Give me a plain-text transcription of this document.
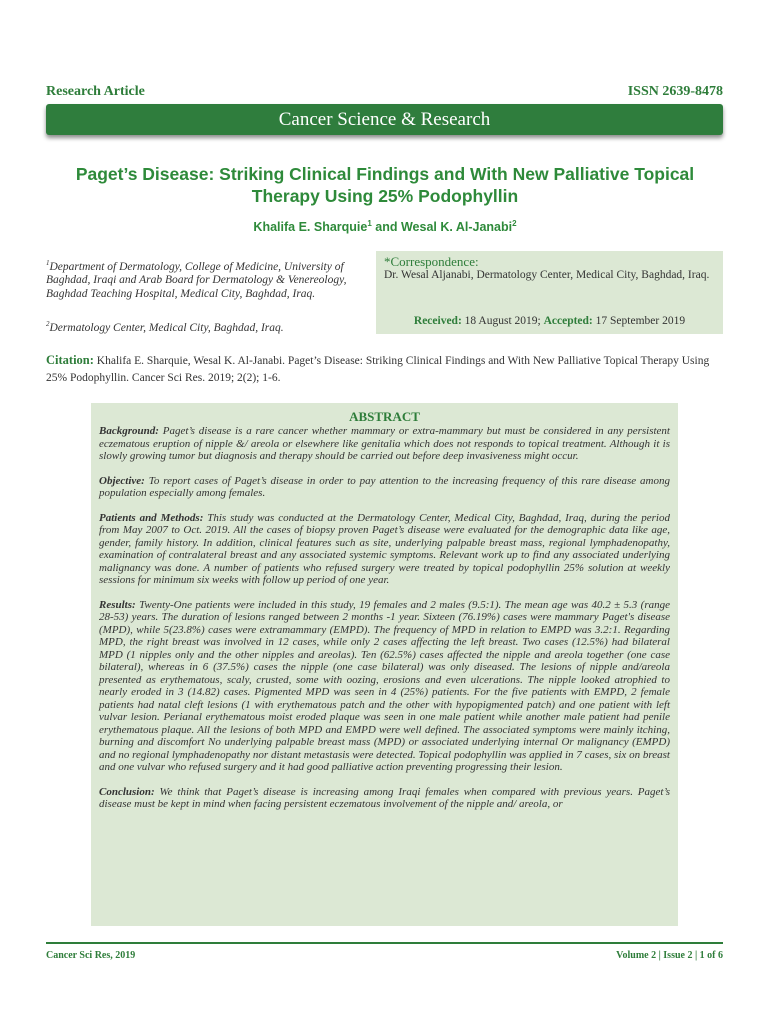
Research Article	ISSN 2639-8478
Cancer Science & Research
Paget’s Disease: Striking Clinical Findings and With New Palliative Topical Therapy Using 25% Podophyllin
Khalifa E. Sharquie$^1$ and Wesal K. Al-Janabi$^2$
$^1$Department of Dermatology, College of Medicine, University of Baghdad, Iraqi and Arab Board for Dermatology & Venereology, Baghdad Teaching Hospital, Medical City, Baghdad, Iraq.
$^2$Dermatology Center, Medical City, Baghdad, Iraq.
*Correspondence:
Dr. Wesal Aljanabi, Dermatology Center, Medical City, Baghdad, Iraq.
Received: 18 August 2019; Accepted: 17 September 2019
Citation: Khalifa E. Sharquie, Wesal K. Al-Janabi. Paget’s Disease: Striking Clinical Findings and With New Palliative Topical Therapy Using 25% Podophyllin. Cancer Sci Res. 2019; 2(2); 1-6.
ABSTRACT

Background: Paget’s disease is a rare cancer whether mammary or extra-mammary but must be considered in any persistent eczematous eruption of nipple &/ areola or elsewhere like genitalia which does not responds to topical treatment. Although it is slowly growing tumor but diagnosis and therapy should be carried out before deep invasiveness might occur.

Objective: To report cases of Paget’s disease in order to pay attention to the increasing frequency of this rare disease among population especially among females.

Patients and Methods: This study was conducted at the Dermatology Center, Medical City, Baghdad, Iraq, during the period from May 2007 to Oct. 2019. All the cases of biopsy proven Paget’s disease were evaluated for the demographic data like age, gender, family history. In addition, clinical features such as site, underlying palpable breast mass, regional lymphadenopathy, examination of contralateral breast and any associated systemic symptoms. Relevant work up to find any associated underlying malignancy was done. A number of patients who refused surgery were treated by topical podophyllin 25% solution at weekly sessions for minimum six weeks with follow up period of one year.

Results: Twenty-One patients were included in this study, 19 females and 2 males (9.5:1). The mean age was 40.2 ± 5.3 (range 28-53) years. The duration of lesions ranged between 2 months -1 year. Sixteen (76.19%) cases were mammary Paget's disease (MPD), while 5(23.8%) cases were extramammary (EMPD). The frequency of MPD in relation to EMPD was 3.2:1. Regarding MPD, the right breast was involved in 12 cases, while only 2 cases affecting the left breast. Two cases (12.5%) had bilateral MPD (1 nipples only and the other nipples and areolas). Ten (62.5%) cases affected the nipple and areola together (one case bilateral), whereas in 6 (37.5%) cases the nipple (one case bilateral) was only diseased. The lesions of nipple and/areola presented as erythematous, scaly, crusted, some with oozing, erosions and even ulcerations. The nipple looked atrophied to nearly eroded in 3 (14.82) cases. Pigmented MPD was seen in 4 (25%) patients. For the five patients with EMPD, 2 female patients had natal cleft lesions (1 with erythematous patch and the other with hypopigmented patch) and one patient with left vulvar lesion. Perianal erythematous moist eroded plaque was seen in one male patient while another male patient had penile erythematous plaque. All the lesions of both MPD and EMPD were well defined. The associated symptoms were mainly itching, burning and discomfort No underlying palpable breast mass (MPD) or associated underlying internal Or malignancy (EMPD) and no regional lymphadenopathy nor distant metastasis were detected. Topical podophyllin was applied in 7 cases, six on breast and one vulvar who refused surgery and it had good palliative action preventing progressing their lesion.

Conclusion: We think that Paget’s disease is increasing among Iraqi females when compared with previous years. Paget’s disease must be kept in mind when facing persistent eczematous involvement of the nipple and/ areola, or

Cancer Sci Res, 2019	Volume 2 | Issue 2 | 1 of 6
